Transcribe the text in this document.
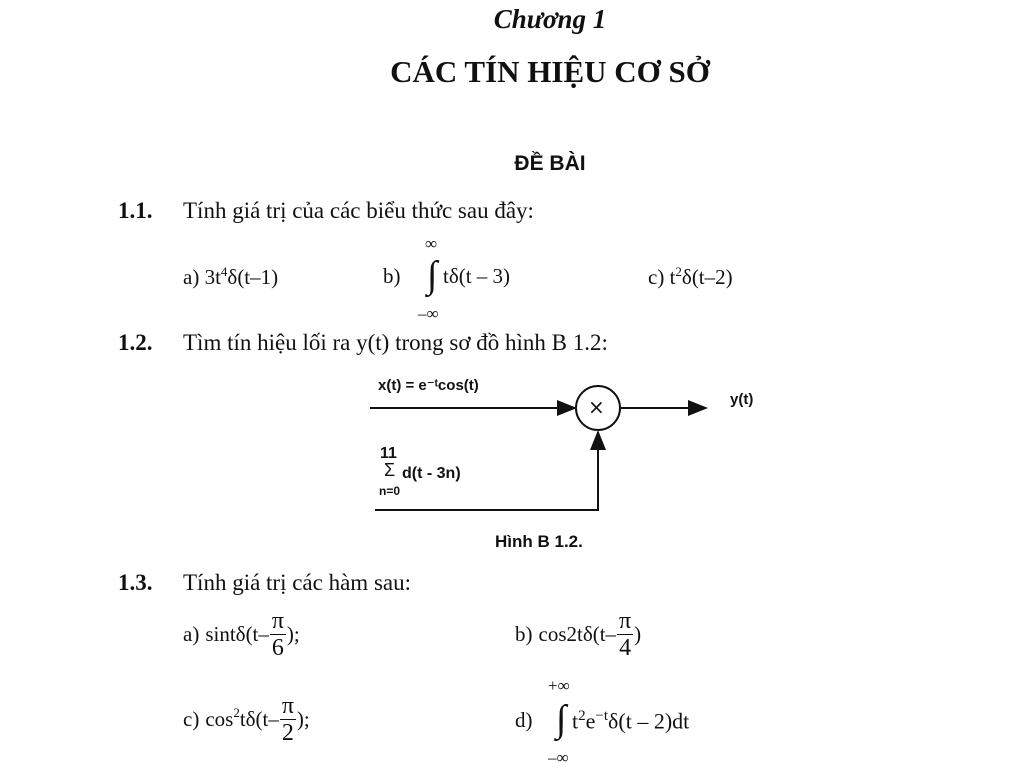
Chương 1
CÁC TÍN HIỆU CƠ SỞ
ĐỀ BÀI
1.1. Tính giá trị của các biểu thức sau đây:
a) $3t^4\delta(t-1)$	b)
∞
∫
–∞
tδ(t – 3)	c) $t^2\delta(t-2)$
1.2. Tìm tín hiệu lối ra y(t) trong sơ đồ hình B 1.2:
×
x(t) = e⁻ᵗcos(t)
y(t)
11
Σ
n=0
d(t - 3n)
Hình B 1.2.
1.3. Tính giá trị các hàm sau:
a) $\sin t\delta(t- \frac{\pi}{6}$ );	b) $\cos 2t\delta(t- \frac{\pi}{4}$ )
c) $\cos^2 t\delta(t- \frac{\pi}{2}$ );	d)
+∞
∫
–∞
$t^2e^{-t}\delta(t - 2)dt$
